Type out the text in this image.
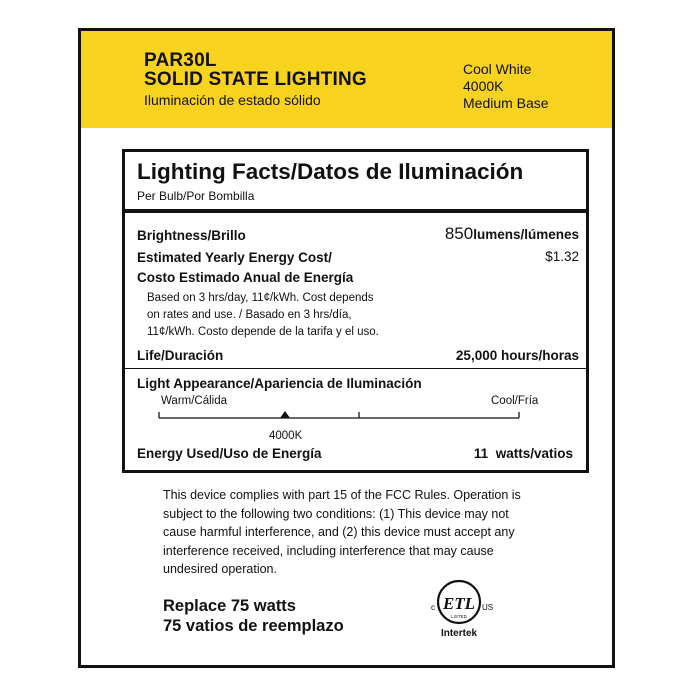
PAR30L
SOLID STATE LIGHTING
Iluminación de estado sólido
Cool White
4000K
Medium Base
Lighting Facts/Datos de Iluminación
Per Bulb/Por Bombilla
Brightness/Brillo	850lumens/lúmenes
Estimated Yearly Energy Cost/
Costo Estimado Anual de Energía
$1.32
Based on 3 hrs/day, 11¢/kWh. Cost depends
on rates and use. / Basado en 3 hrs/día,
11¢/kWh. Costo depende de la tarifa y el uso.
Life/Duración	25,000 hours/horas
Light Appearance/Apariencia de Iluminación
Warm/Cálida	Cool/Fría
4000K
Energy Used/Uso de Energía	11 watts/vatios

This device complies with part 15 of the FCC Rules. Operation is

subject to the following two conditions: (1) This device may not

cause harmful interference, and (2) this device must accept any

interference received, including interference that may cause

undesired operation.

Replace 75 watts
75 vatios de reemplazo
ETL
LISTED
c	US
Intertek
